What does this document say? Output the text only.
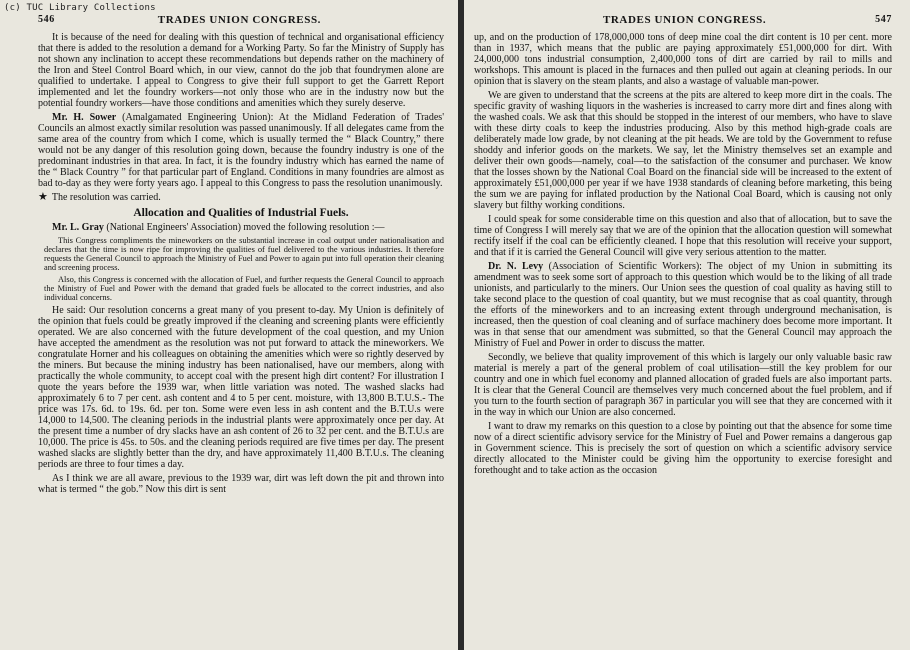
(c) TUC Library Collections
546	TRADES UNION CONGRESS.

It is because of the need for dealing with this question of technical and organisational efficiency that there is added to the resolution a demand for a Working Party. So far the Ministry of Supply has not shown any inclination to accept these recommendations but depends rather on the machinery of the Iron and Steel Control Board which, in our view, cannot do the job that foundrymen alone are qualified to undertake. I appeal to Congress to give their full support to get the Garrett Report implemented and let the foundry workers—not only those who are in the industry now but the potential foundry workers—have those conditions and amenities which they surely deserve.

Mr. H. Sower (Amalgamated Engineering Union): At the Midland Federation of Trades' Councils an almost exactly similar resolution was passed unanimously. If all delegates came from the same area of the country from which I come, which is usually termed the “ Black Country,” there would not be any danger of this resolution going down, because the foundry industry is one of the predominant industries in that area. In fact, it is the foundry industry which has earned the name of the “ Black Country ” for that particular part of England. Conditions in many foundries are almost as bad to-day as they were forty years ago. I appeal to this Congress to pass the resolution unanimously.

★ The resolution was carried.

Allocation and Qualities of Industrial Fuels.

Mr. L. Gray (National Engineers' Association) moved the following resolution :—

This Congress compliments the mineworkers on the substantial increase in coal output under nationalisation and declares that the time is now ripe for improving the qualities of fuel delivered to the various industries. It therefore requests the General Council to approach the Ministry of Fuel and Power to again put into full operation their cleaning and screening process.

Also, this Congress is concerned with the allocation of Fuel, and further requests the General Council to approach the Ministry of Fuel and Power with the demand that graded fuels be allocated to the correct industries, and also individual concerns.

He said: Our resolution concerns a great many of you present to-day. My Union is definitely of the opinion that fuels could be greatly improved if the cleaning and screening plants were efficiently operated. We are also concerned with the future development of the coal question, and my Union have accepted the amendment as the resolution was not put forward to attack the mineworkers. We congratulate Horner and his colleagues on obtaining the amenities which were so rightly deserved by the miners. But because the mining industry has been nationalised, have our members, along with practically the whole community, to accept coal with the present high dirt content? For illustration I quote the years before the 1939 war, when little variation was noted. The washed slacks had approximately 6 to 7 per cent. ash content and 4 to 5 per cent. moisture, with 13,800 B.T.U.S.- The price was 17s. 6d. to 19s. 6d. per ton. Some were even less in ash content and the B.T.U.s were 14,000 to 14,500. The cleaning periods in the industrial plants were approximately once per day. At the present time a number of dry slacks have an ash content of 26 to 32 per cent. and the B.T.U.s are 10,000. The price is 45s. to 50s. and the cleaning periods required are five times per day. The present washed slacks are slightly better than the dry, and have approximately 11,400 B.T.U.s. The cleaning periods are three to four times a day.

As I think we are all aware, previous to the 1939 war, dirt was left down the pit and thrown into what is termed “ the gob.” Now this dirt is sent

TRADES UNION CONGRESS.	547

up, and on the production of 178,000,000 tons of deep mine coal the dirt content is 10 per cent. more than in 1937, which means that the public are paying approximately £51,000,000 for dirt. With 24,000,000 tons industrial consumption, 2,400,000 tons of dirt are carried by rail to mills and workshops. This amount is placed in the furnaces and then pulled out again at cleaning periods. In our opinion that is slavery on the steam plants, and also a wastage of valuable man-power.

We are given to understand that the screens at the pits are altered to keep more dirt in the coals. The specific gravity of washing liquors in the washeries is increased to carry more dirt and fines along with the washed coals. We ask that this should be stopped in the interest of our members, who have to slave with these dirty coals to keep the industries producing. Also by this method high-grade coals are deliberately made low grade, by not cleaning at the pit heads. We are told by the Government to refuse shoddy and inferior goods on the markets. We say, let the Ministry themselves set an example and deliver their own goods—namely, coal—to the satisfaction of the consumer and purchaser. We know that the losses shown by the National Coal Board on the financial side will be increased to the extent of approximately £51,000,000 per year if we have 1938 standards of cleaning before marketing, this being the sum we are paying for inflated production by the National Coal Board, which is causing not only slavery but filthy working conditions.

I could speak for some considerable time on this question and also that of allocation, but to save the time of Congress I will merely say that we are of the opinion that the allocation question will somewhat rectify itself if the coal can be efficiently cleaned. I hope that this resolution will receive your support, and that if it is carried the General Council will give very serious attention to the matter.

Dr. N. Levy (Association of Scientific Workers): The object of my Union in submitting its amendment was to seek some sort of approach to this question which would be to the liking of all trade unionists, and particularly to the miners. Our Union sees the question of coal quality as having still to take second place to the question of coal quantity, but we must recognise that as coal quantity, through the efforts of the mineworkers and to an increasing extent through underground mechanisation, is increased, then the question of coal cleaning and of surface machinery does become more important. It was in that sense that our amendment was submitted, so that the General Council may approach the Ministry of Fuel and Power in order to discuss the matter.

Secondly, we believe that quality improvement of this which is largely our only valuable basic raw material is merely a part of the general problem of coal utilisation—still the key problem for our country and one in which fuel economy and planned allocation of graded fuels are also important parts. It is clear that the General Council are themselves very much concerned about the fuel problem, and if you turn to the fourth section of paragraph 367 in particular you will see that they are concerned with it in the way in which our Union are also concerned.

I want to draw my remarks on this question to a close by pointing out that the absence for some time now of a direct scientific advisory service for the Ministry of Fuel and Power remains a dangerous gap in Government science. This is precisely the sort of question on which a scientific advisory service directly allocated to the Minister could be giving him the opportunity to exercise foresight and forethought and to take action as the occasion
